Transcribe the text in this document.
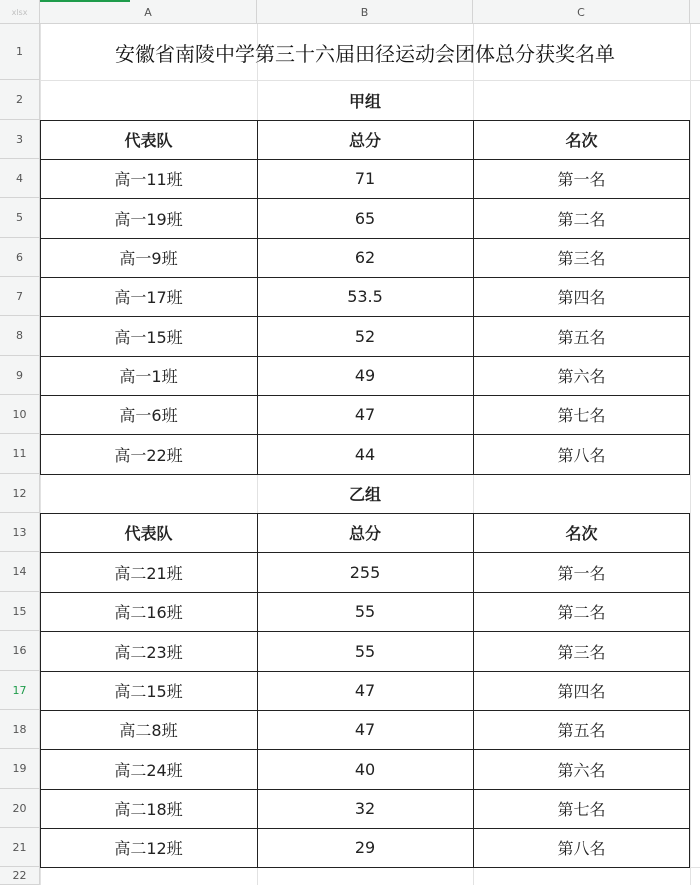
xlsx	A	B	C
1
2
3
4
5
6
7
8
9
10
11
12
13
14
15
16
17
18
19
20
21
22
安徽省南陵中学第三十六届田径运动会团体总分获奖名单
甲组
代表队	总分	名次
高一11班	71	第一名
高一19班	65	第二名
高一9班	62	第三名
高一17班	53.5	第四名
高一15班	52	第五名
高一1班	49	第六名
高一6班	47	第七名
高一22班	44	第八名
乙组
代表队	总分	名次
高二21班	255	第一名
高二16班	55	第二名
高二23班	55	第三名
高二15班	47	第四名
高二8班	47	第五名
高二24班	40	第六名
高二18班	32	第七名
高二12班	29	第八名
